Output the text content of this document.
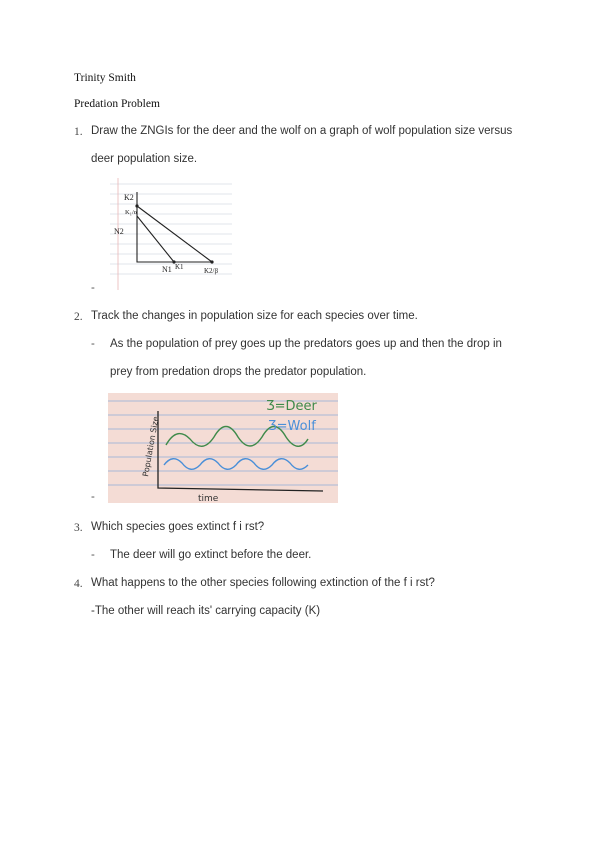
Trinity Smith
Predation Problem
1. Draw the ZNGIs for the deer and the wolf on a graph of wolf population size versus
deer population size.
K2
K₁/α
N2
N1 K1	K2/β
-
2. Track the changes in population size for each species over time.
- As the population of prey goes up the predators goes up and then the drop in
prey from predation drops the predator population.
Ʒ=Deer
Ʒ=Wolf
Population Size
time
-
3. Which species goes extinct f i rst?
- The deer will go extinct before the deer.
4. What happens to the other species following extinction of the f i rst?
-The other will reach its' carrying capacity (K)
